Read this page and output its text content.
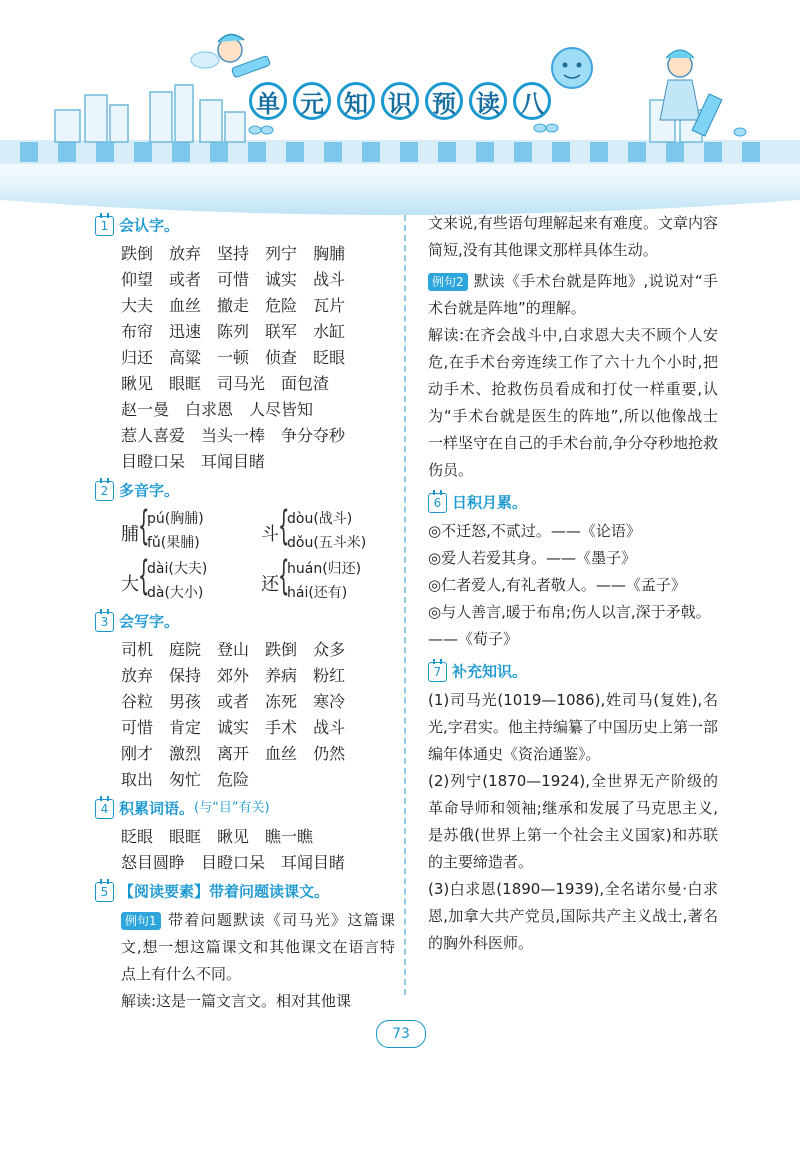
单 元 知 识 预 读 八
1 会认字。
跌倒 放弃 坚持 列宁 胸脯
仰望 或者 可惜 诚实 战斗
大夫 血丝 撤走 危险 瓦片
布帘 迅速 陈列 联军 水缸
归还 高粱 一顿 侦查 眨眼
瞅见 眼眶 司马光 面包渣
赵一曼 白求恩 人尽皆知
惹人喜爱 当头一棒 争分夺秒
目瞪口呆 耳闻目睹
2 多音字。
脯
{
pú(胸脯)
fǔ(果脯)	斗
{
dòu(战斗)
dǒu(五斗米)
大
{
dài(大夫)
dà(大小)	还
{
huán(归还)
hái(还有)
3 会写字。
司机 庭院 登山 跌倒 众多
放弃 保持 郊外 养病 粉红
谷粒 男孩 或者 冻死 寒冷
可惜 肯定 诚实 手术 战斗
刚才 激烈 离开 血丝 仍然
取出 匆忙 危险
4 积累词语。(与“目”有关)
眨眼 眼眶 瞅见 瞧一瞧
怒目圆睁 目瞪口呆 耳闻目睹
5 【阅读要素】带着问题读课文。
例句1 带着问题默读《司马光》这篇课文,想一想这篇课文和其他课文在语言特点上有什么不同。
解读:这是一篇文言文。相对其他课
文来说,有些语句理解起来有难度。文章内容简短,没有其他课文那样具体生动。
例句2 默读《手术台就是阵地》,说说对“手术台就是阵地”的理解。
解读:在齐会战斗中,白求恩大夫不顾个人安危,在手术台旁连续工作了六十九个小时,把动手术、抢救伤员看成和打仗一样重要,认为“手术台就是医生的阵地”,所以他像战士一样坚守在自己的手术台前,争分夺秒地抢救伤员。
6 日积月累。
◎不迁怒,不贰过。——《论语》
◎爱人若爱其身。——《墨子》
◎仁者爱人,有礼者敬人。——《孟子》
◎与人善言,暖于布帛;伤人以言,深于矛戟。——《荀子》
7 补充知识。
(1)司马光(1019—1086),姓司马(复姓),名光,字君实。他主持编纂了中国历史上第一部编年体通史《资治通鉴》。
(2)列宁(1870—1924),全世界无产阶级的革命导师和领袖;继承和发展了马克思主义,是苏俄(世界上第一个社会主义国家)和苏联的主要缔造者。
(3)白求恩(1890—1939),全名诺尔曼·白求恩,加拿大共产党员,国际共产主义战士,著名的胸外科医师。
73
